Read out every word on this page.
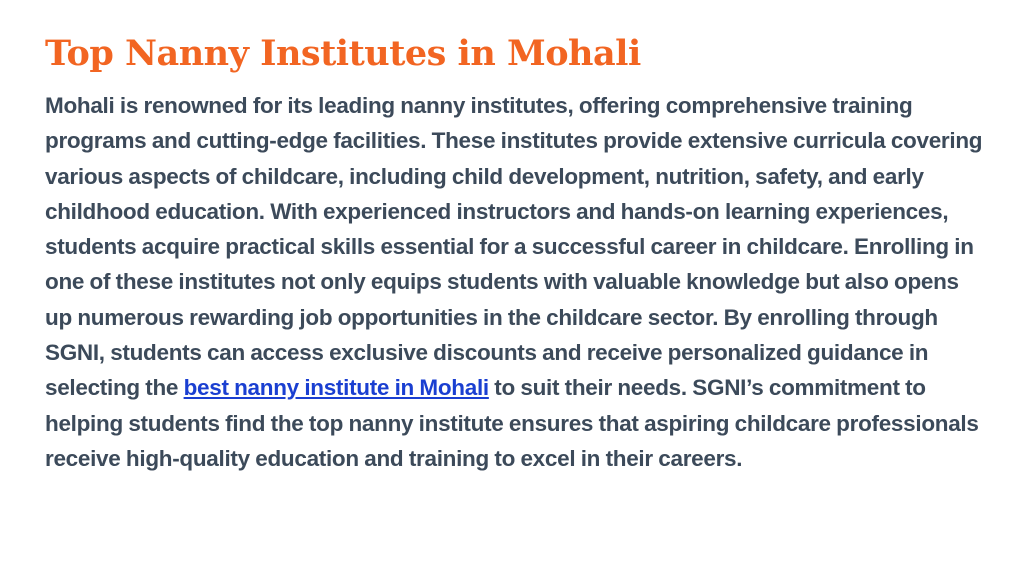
Top Nanny Institutes in Mohali

Mohali is renowned for its leading nanny institutes, offering comprehensive training programs and cutting-edge facilities. These institutes provide extensive curricula covering various aspects of childcare, including child development, nutrition, safety, and early childhood education. With experienced instructors and hands-on learning experiences, students acquire practical skills essential for a successful career in childcare. Enrolling in one of these institutes not only equips students with valuable knowledge but also opens up numerous rewarding job opportunities in the childcare sector. By enrolling through SGNI, students can access exclusive discounts and receive personalized guidance in selecting the best nanny institute in Mohali to suit their needs. SGNI’s commitment to helping students find the top nanny institute ensures that aspiring childcare professionals receive high-quality education and training to excel in their careers.
